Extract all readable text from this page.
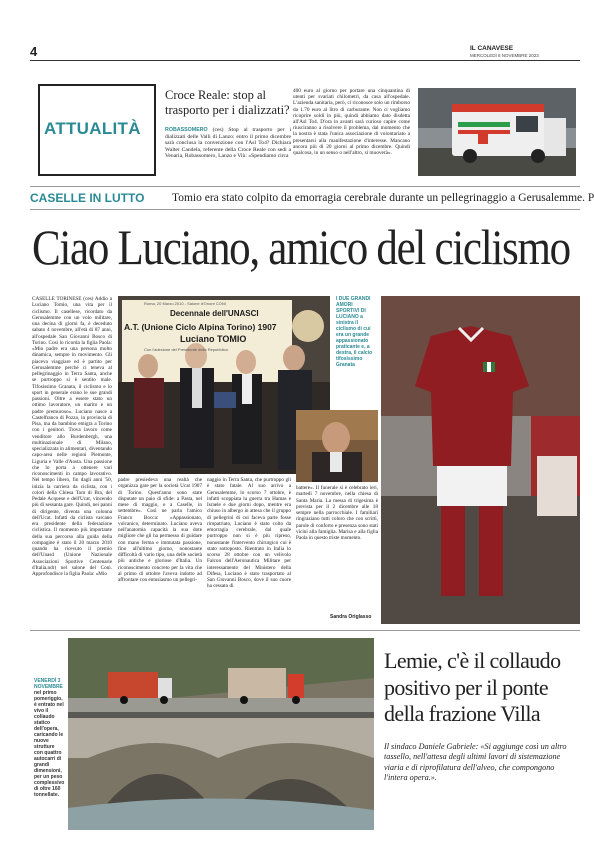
4	IL CANAVESE
MERCOLEDÌ 8 NOVEMBRE 2023
ATTUALITÀ
Croce Reale: stop al trasporto per i dializzati?
ROBASSOMERO (ces) Stop al trasporto per i dializzati delle Valli di Lanzo: entro il primo dicembre sarà conclusa la convenzione con l'Asl To4? Dichiara Walter Candela, referente della Croce Reale con sedi a Venaria, Robassomero, Lanzo e Viù: «Spendiamo circa
400 euro al giorno per portare una cinquantina di utenti per svariati chilometri, da casa all'ospedale. L'azienda sanitaria, però, ci riconosce solo un rimborso da 1.70 euro al litro di carburante. Non ci vogliamo ricoprire soldi in più, quindi abbiamo dato disdetta all'Asl To4. D'ora in avanti sarà curioso capire come riusciranno a risolvere il problema, dal momento che la nostra è stata l'unica associazione di volontariato a presentarsi alla manifestazione d'interesse. Mancano ancora più di 20 giorni al primo dicembre. Quindi qualcosa, in un senso o nell'altro, si muoverà».
CASELLE IN LUTTO Tomio era stato colpito da emorragia cerebrale durante un pellegrinaggio a Gerusalemme. P
Ciao Luciano, amico del ciclismo
CASELLE TORINESE (ces) Addio a Luciano Tomio, una vita per il ciclismo. Il casellese, ricordato da Gerusalemme con un volo militare, una decina di giorni fa, è deceduto sabato 4 novembre, all'età di 87 anni, all'ospedale San Giovanni Bosco di Torino. Così lo ricorda la figlia Paola: «Mio padre era una persona molto dinamica, sempre in movimento. Gli piaceva viaggiare ed è partito per Gerusalemme perché ci teneva al pellegrinaggio in Terra Santa, anche se purtroppo si è sentito male. Tifosissimo Granata, il ciclismo e lo sport in generale erano le sue grandi passioni. Oltre a essere stato un ottimo lavoratore, un marito e un padre premuroso». Luciano nasce a Castelfranco di Pozzo, in provincia di Pisa, ma da bambino emigra a Torino con i genitori. Trova lavoro come venditore allo Burdenbergh, una multinazionale di Milano, specializzata in alimentari, diventando capo-area nelle regioni Piemonte, Liguria e Valle d'Aosta. Una passione che lo porta a ottenere vari riconoscimenti in campo lavorativo. Nel tempo libero, fin dagli anni '50, inizia la carriera da ciclista, con i colori della Chiesa Tom di Bra, del Pedale Acquese e dell'Ucat, vincendo più di sessanta gare. Quindi, nei panni di dirigente, diventa una colonna dell'Ucat. Infatti da ciclista varcano era presidente della federazione ciclistica. Il momento più importante della sua percorso alla guida della compagine è stato il 20 marzo 2010 quando ha ricevuto il premio dell'Unasd (Unione Nazionale Associazioni Sportive Centenarie d'Italia.ndr) nel salone del Coni. Approfondisce la figlia Paola: «Mio
Roma, 20 Marzo 2010 - Salone d'Onore CONI
Decennale dell'UNASCI
A.T. (Unione Ciclo Alpina Torino) 1907
Luciano TOMIO
Con l'adesione del Presidente della Repubblica
padre presiedeva una realtà che organizza gare per la società Ucat 1907 di Torino. Quest'anno sono state disputate un paio di sfide: a Pasta, nel mese di maggio, e a Caselle, in settembre». Così ne parla l'amico Franco Bocca: «Appassionato, vulcanico, determinato. Luciano aveva nell'anatomia capacità la sua dote migliore che gli ha permesso di guidare con mano ferma e immutata passione, fino all'ultimo giorno, nonostante difficoltà di vario tipo, una delle società più antiche e gloriose d'Italia. Un riconoscimento concreto per la vita che al primo di ottobre l'aveva indotto ad affrontare con entusiasmo un pellegri-
naggio in Terra Santa, che purtroppo gli è stato fatale. Al suo arrivo a Gerusalemme, lo scorso 7 ottobre, è infatti scoppiata la guerra tra Hamas e Israele e due giorni dopo, mentre era chiuso in albergo in attesa che il gruppo di pellegrini di cui faceva parte fosse rimpatriato, Luciano è stato colto da emorragia cerebrale, dal quale purtroppo non si è più ripreso, nonostante l'intervento chirurgico cui è stato sottoposto. Rientrato in Italia lo scorso 28 ottobre con un velivolo Falcon dell'Aeronautica Militare per interessamento del Ministero della Difesa, Luciano è stato trasportato al San Giovanni Bosco, dove il suo cuore ha cessato di
battere». Il funerale si è celebrato ieri, martedì 7 novembre, nella chiesa di Santa Maria. La messa di trigesima è prevista per il 2 dicembre alle 18 sempre nella parrocchiale. I familiari ringraziano tutti coloro che con scritti, parole di conforto e presenza sono stati vicini alla famiglia. Marisa e alla figlia Paola in questo triste momento.
Sandra Origlasso
I DUE GRANDI AMORI SPORTIVI DI LUCIANO a sinistra il ciclismo di cui era un grande appassionato praticante e, a destra, il calcio tifosissimo Granata
VENERDÌ 3 NOVEMBRE
nel primo pomeriggio, è entrato nel vivo il collaudo statico dell'opera, caricando le nuove strutture con quattro autocarri di grandi dimensioni, per un peso complessivo di oltre 160 tonnellate.
Lemie, c'è il collaudo positivo per il ponte della frazione Villa
Il sindaco Daniele Gabriele: «Si aggiunge così un altro tassello, nell'attesa degli ultimi lavori di sistemazione viaria e di riprofilatura dell'alveo, che compongono l'intera opera.».
